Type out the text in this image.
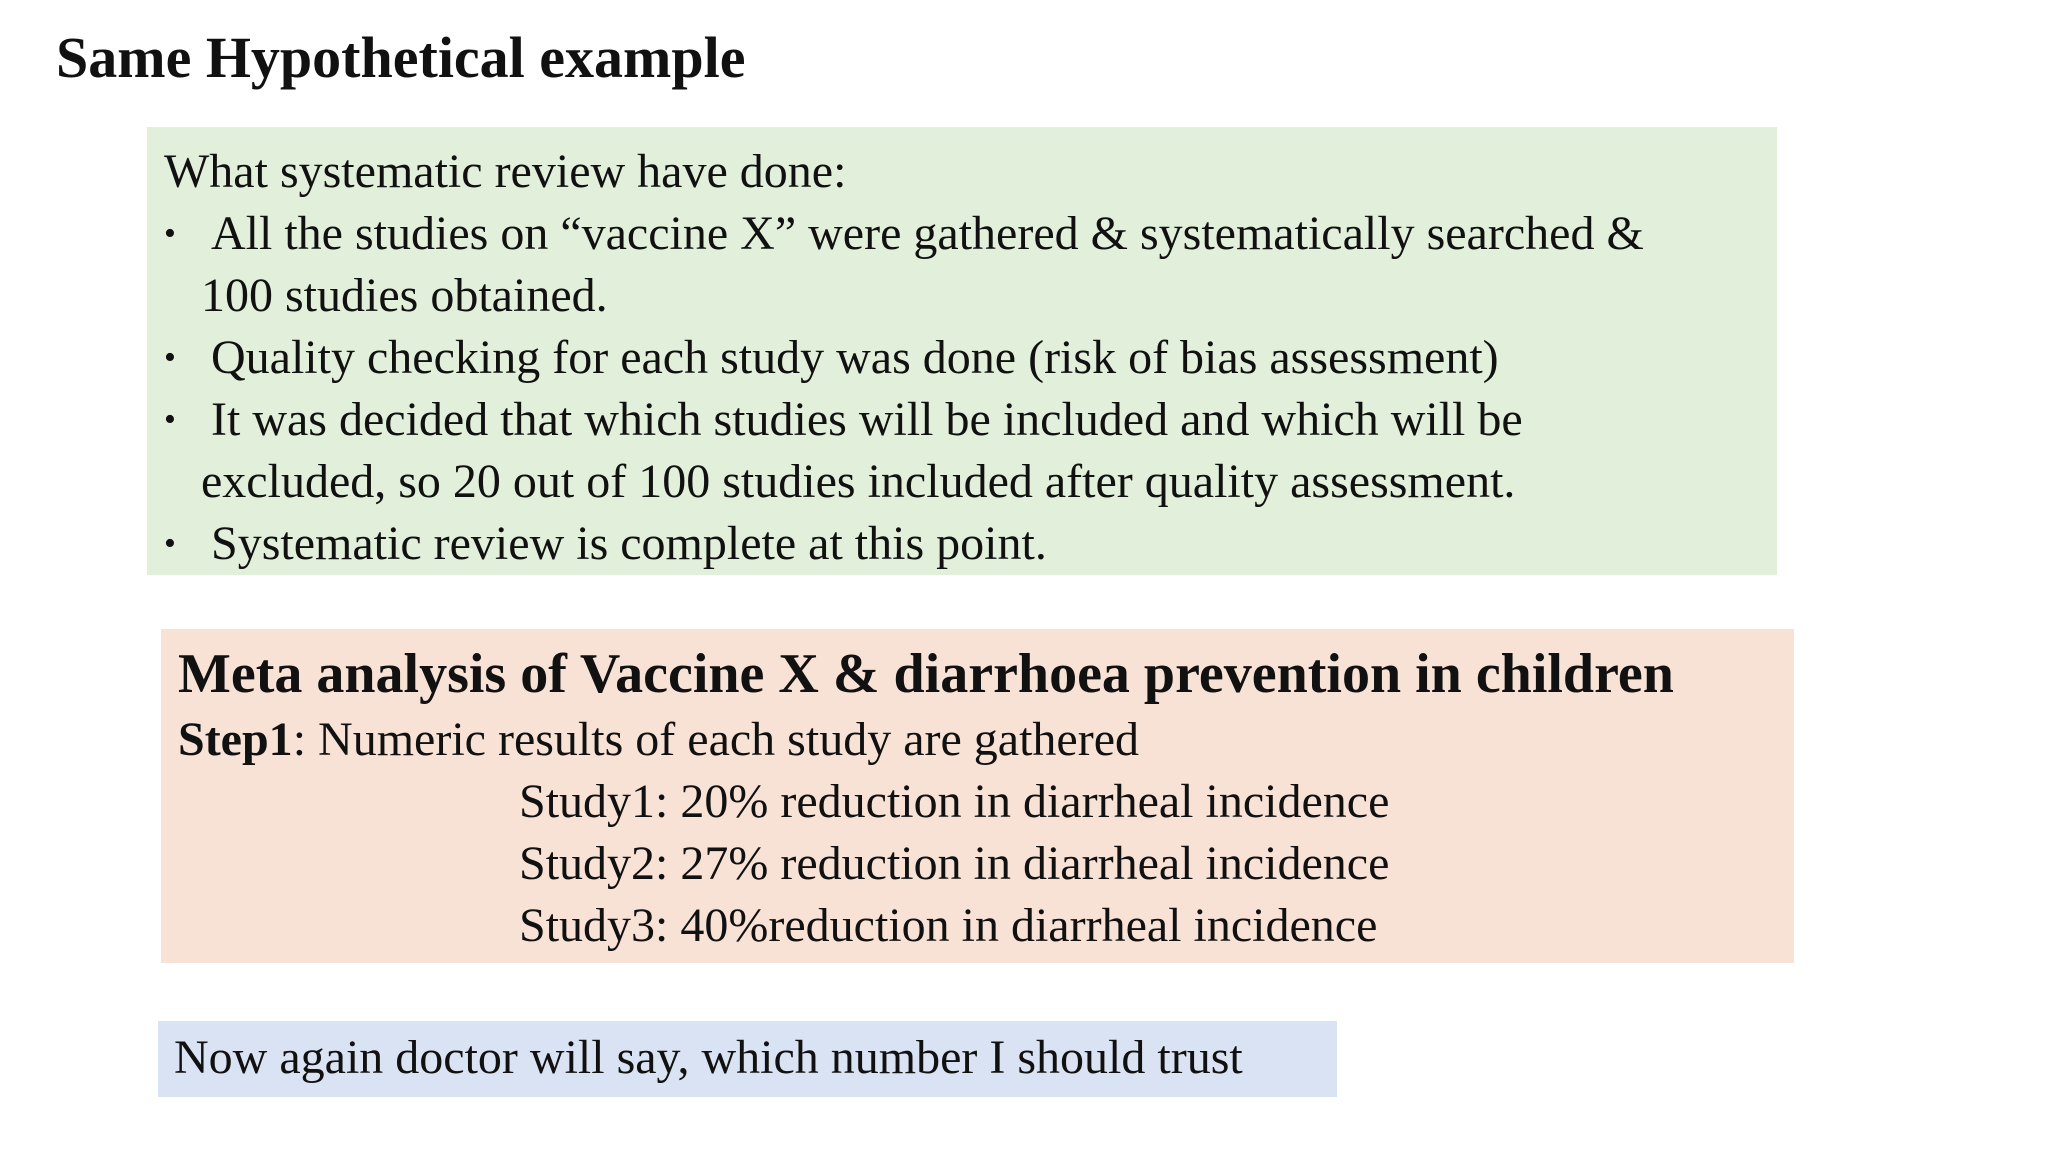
Same Hypothetical example
What systematic review have done:
• All the studies on “vaccine X” were gathered & systematically searched &
100 studies obtained.
• Quality checking for each study was done (risk of bias assessment)
• It was decided that which studies will be included and which will be
excluded, so 20 out of 100 studies included after quality assessment.
• Systematic review is complete at this point.
Meta analysis of Vaccine X & diarrhoea prevention in children
Step1: Numeric results of each study are gathered
Study1: 20% reduction in diarrheal incidence
Study2: 27% reduction in diarrheal incidence
Study3: 40%reduction in diarrheal incidence
Now again doctor will say, which number I should trust
